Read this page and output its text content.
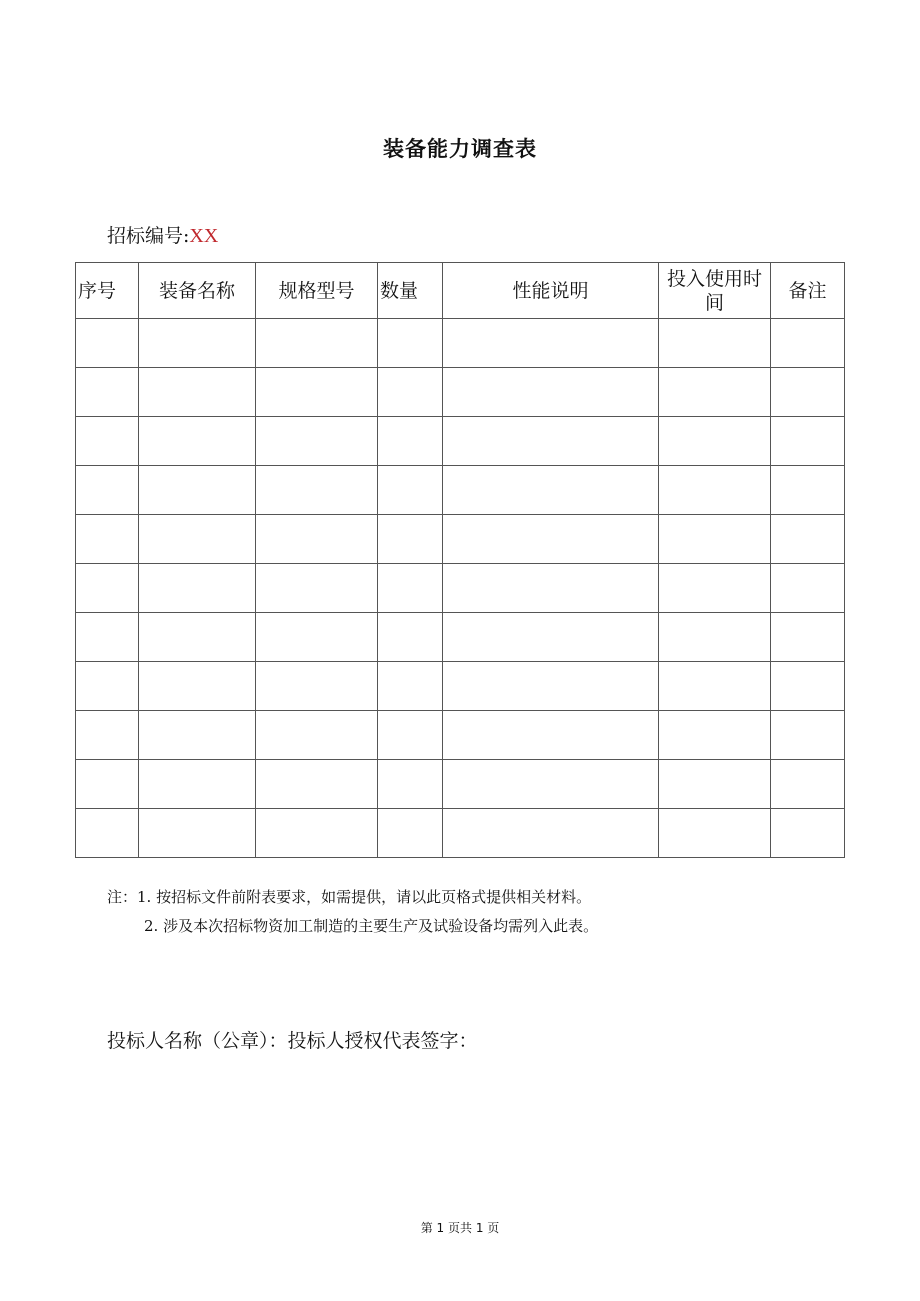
装备能力调查表
招标编号:XX
序号	装备名称	规格型号	数量	性能说明	投入使用时间	备注

注：1. 按招标文件前附表要求，如需提供，请以此页格式提供相关材料。
2. 涉及本次招标物资加工制造的主要生产及试验设备均需列入此表。
投标人名称（公章）：投标人授权代表签字：
第 1 页共 1 页
